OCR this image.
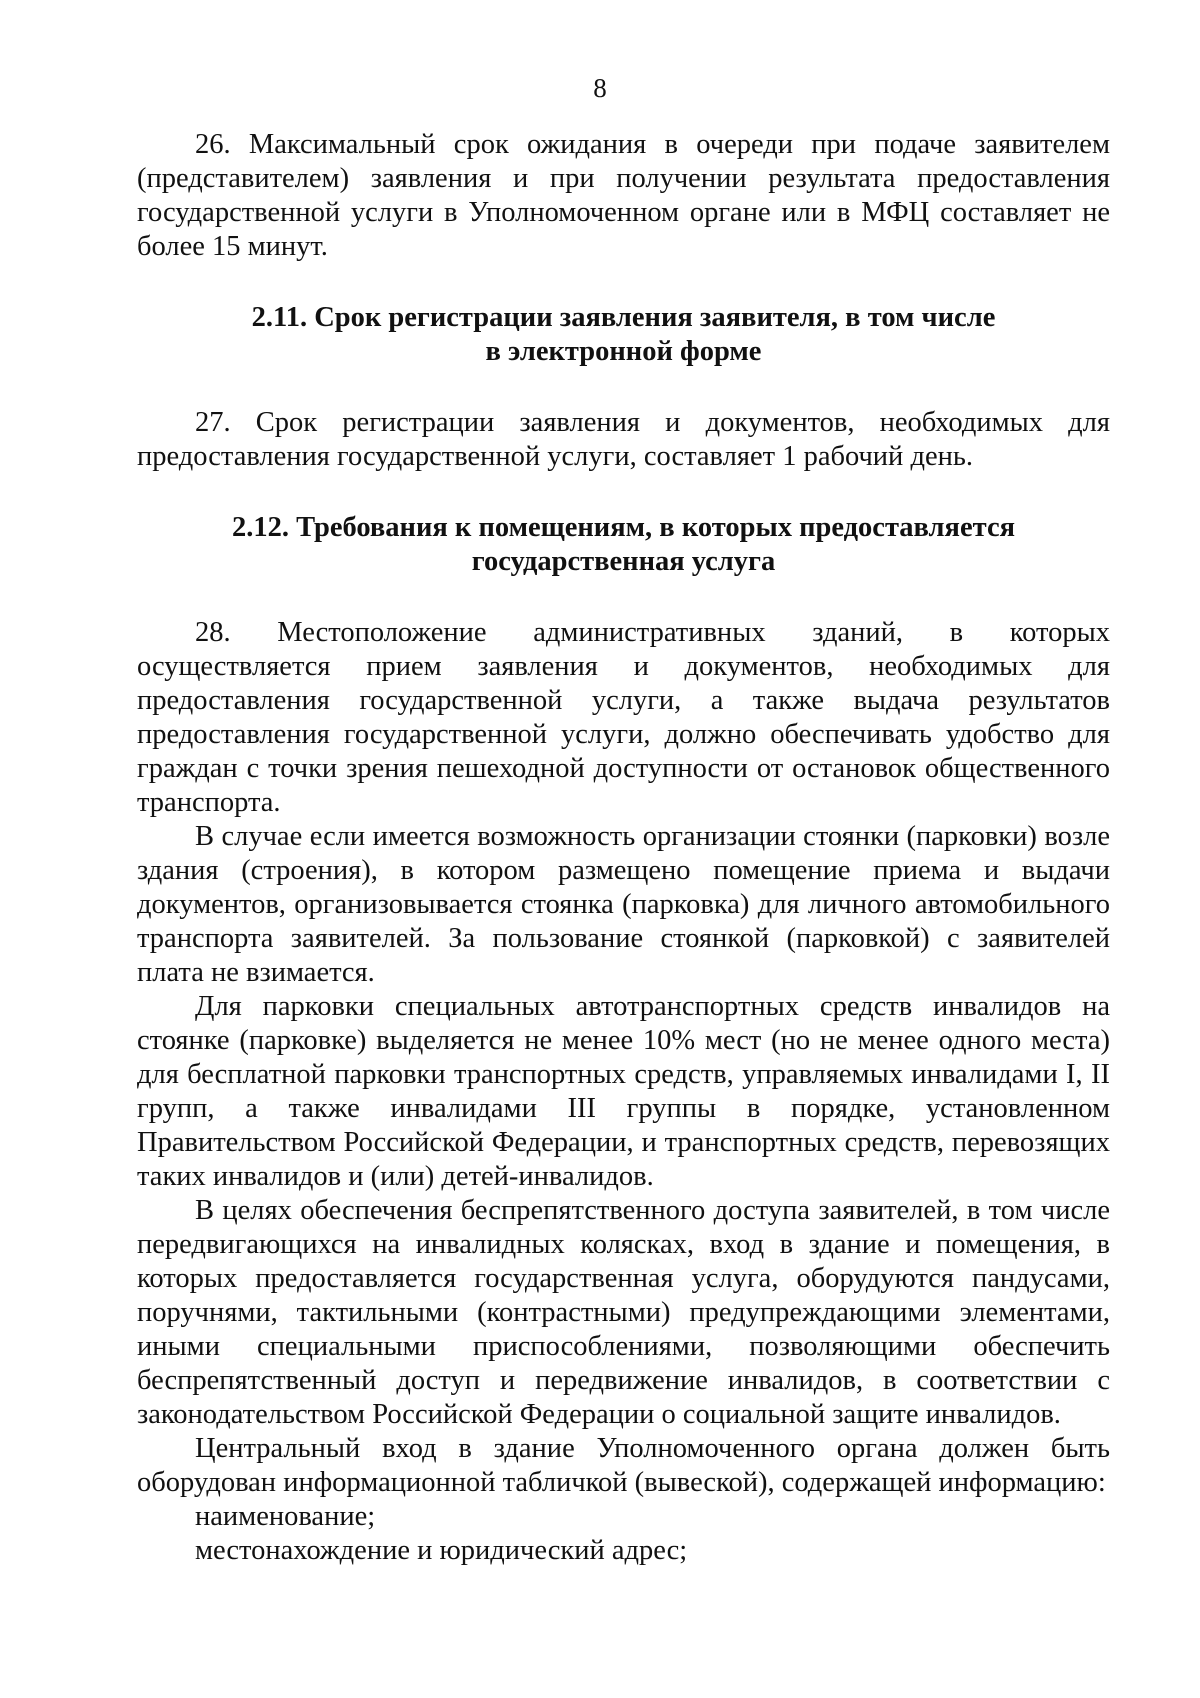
8

26. Максимальный срок ожидания в очереди при подаче заявителем (представителем) заявления и при получении результата предоставления государственной услуги в Уполномоченном органе или в МФЦ составляет не более 15 минут.

2.11. Срок регистрации заявления заявителя, в том числе

в электронной форме

27. Срок регистрации заявления и документов, необходимых для предоставления государственной услуги, составляет 1 рабочий день.

2.12. Требования к помещениям, в которых предоставляется

государственная услуга

28. Местоположение административных зданий, в которых осуществляется прием заявления и документов, необходимых для предоставления государственной услуги, а также выдача результатов предоставления государственной услуги, должно обеспечивать удобство для граждан с точки зрения пешеходной доступности от остановок общественного транспорта.

В случае если имеется возможность организации стоянки (парковки) возле здания (строения), в котором размещено помещение приема и выдачи документов, организовывается стоянка (парковка) для личного автомобильного транспорта заявителей. За пользование стоянкой (парковкой) с заявителей плата не взимается.

Для парковки специальных автотранспортных средств инвалидов на стоянке (парковке) выделяется не менее 10% мест (но не менее одного места) для бесплатной парковки транспортных средств, управляемых инвалидами I, II групп, а также инвалидами III группы в порядке, установленном Правительством Российской Федерации, и транспортных средств, перевозящих таких инвалидов и (или) детей-инвалидов.

В целях обеспечения беспрепятственного доступа заявителей, в том числе передвигающихся на инвалидных колясках, вход в здание и помещения, в которых предоставляется государственная услуга, оборудуются пандусами, поручнями, тактильными (контрастными) предупреждающими элементами, иными специальными приспособлениями, позволяющими обеспечить беспрепятственный доступ и передвижение инвалидов, в соответствии с законодательством Российской Федерации о социальной защите инвалидов.

Центральный вход в здание Уполномоченного органа должен быть оборудован информационной табличкой (вывеской), содержащей информацию:

наименование;

местонахождение и юридический адрес;
